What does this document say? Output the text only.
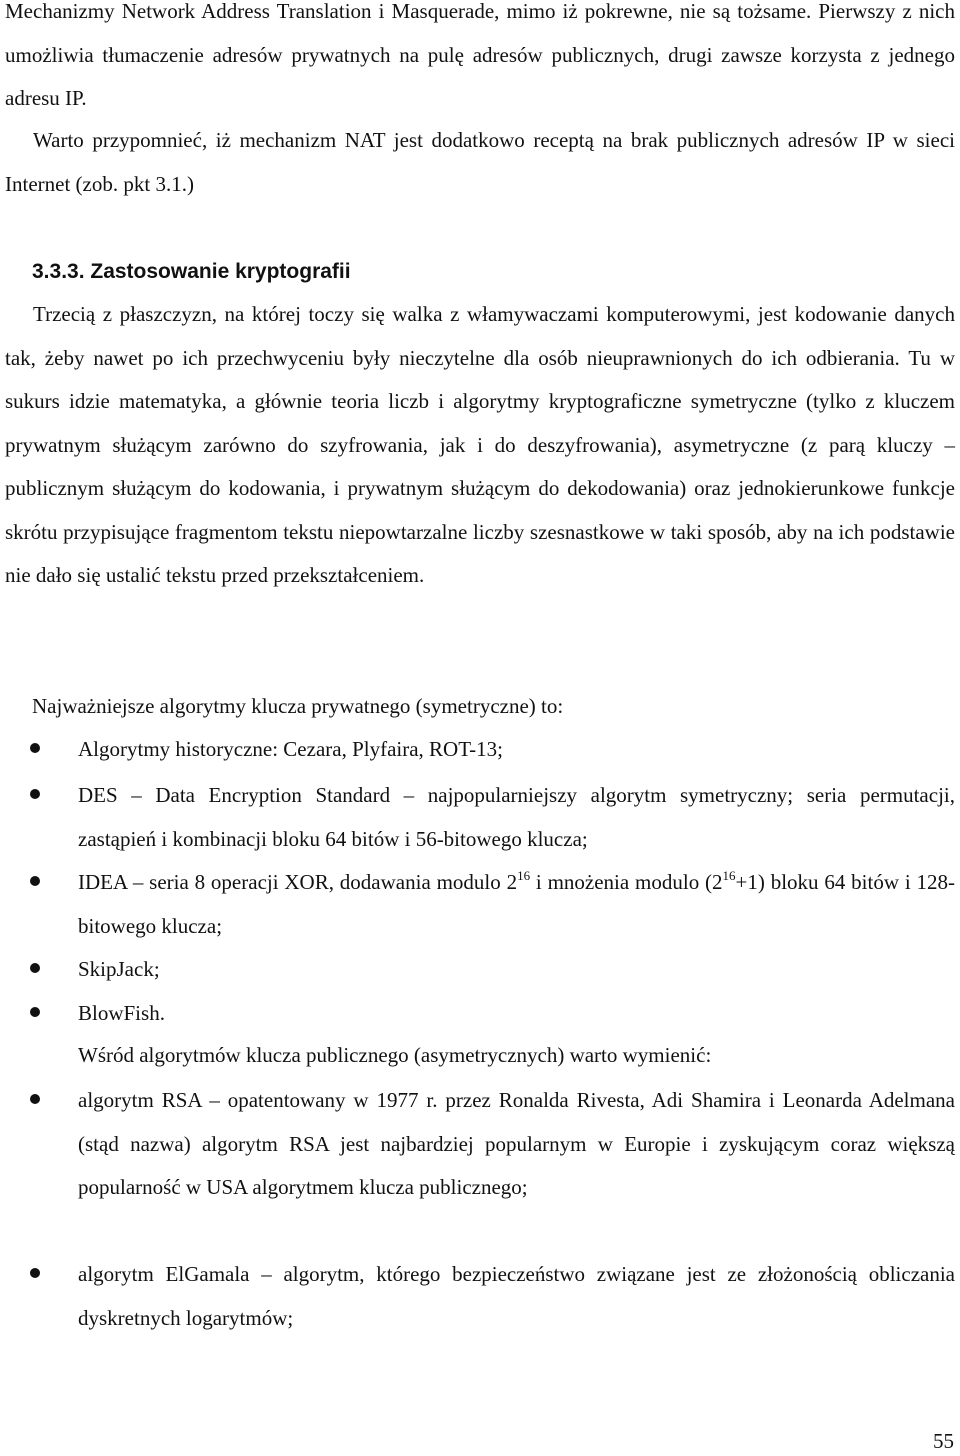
Mechanizmy Network Address Translation i Masquerade, mimo iż pokrewne, nie są tożsame. Pierwszy z nich umożliwia tłumaczenie adresów prywatnych na pulę adresów publicznych, drugi zawsze korzysta z jednego adresu IP.

Warto przypomnieć, iż mechanizm NAT jest dodatkowo receptą na brak publicznych adresów IP w sieci Internet (zob. pkt 3.1.)

3.3.3. Zastosowanie kryptografii

Trzecią z płaszczyzn, na której toczy się walka z włamywaczami komputerowymi, jest kodowanie danych tak, żeby nawet po ich przechwyceniu były nieczytelne dla osób nieuprawnionych do ich odbierania. Tu w sukurs idzie matematyka, a głównie teoria liczb i algorytmy kryptograficzne symetryczne (tylko z kluczem prywatnym służącym zarówno do szyfrowania, jak i do deszyfrowania), asymetryczne (z parą kluczy – publicznym służącym do kodowania, i prywatnym służącym do dekodowania) oraz jednokierunkowe funkcje skrótu przypisujące fragmentom tekstu niepowtarzalne liczby szesnastkowe w taki sposób, aby na ich podstawie nie dało się ustalić tekstu przed przekształceniem.

Najważniejsze algorytmy klucza prywatnego (symetryczne) to:

Algorytmy historyczne: Cezara, Plyfaira, ROT-13;

DES – Data Encryption Standard – najpopularniejszy algorytm symetryczny; seria permutacji, zastąpień i kombinacji bloku 64 bitów i 56-bitowego klucza;

IDEA – seria 8 operacji XOR, dodawania modulo $2^{16}$ i mnożenia modulo $(2^{16}+1)$ bloku 64 bitów i 128-bitowego klucza;

SkipJack;

BlowFish.

Wśród algorytmów klucza publicznego (asymetrycznych) warto wymienić:

algorytm RSA – opatentowany w 1977 r. przez Ronalda Rivesta, Adi Shamira i Leonarda Adelmana (stąd nazwa) algorytm RSA jest najbardziej popularnym w Europie i zyskującym coraz większą popularność w USA algorytmem klucza publicznego;

algorytm ElGamala – algorytm, którego bezpieczeństwo związane jest ze złożonością obliczania dyskretnych logarytmów;

55
